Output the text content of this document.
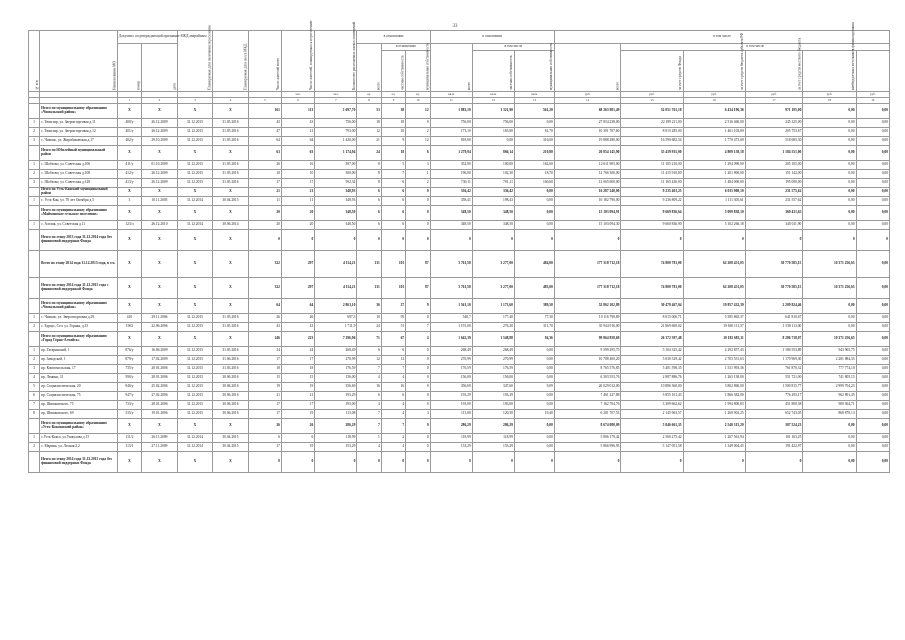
33
№ п/п	Наименование МО	Документ, подтверждающий признание МКД аварийным		Планируемая дата окончания переселения	Планируемая дата сноса МКД	Число жителей всего	Число жителей, планируемых к переселению	Количество расселяемых жилых помещений	в отношении			в отношении			в том числе					
		номер	дата						всего	в отношении		всего	в том числе		всего	в том числе				
										частная собственность	муниципальная собственность		частная собственность	муниципальная собственность		за счет средств Фонда	за счет средств бюджета субъекта РФ	за счет средств местного бюджета	внебюджетных источников финансирования	
							чел.	чел.	ед.	ед.	ед.	кв.м	кв.м	кв.м	руб.	руб.	руб.	руб.	руб.	руб.
		1	2	3	4	5	6	7	8	9	10	11	12	13	14	15	16	17	18	19
	Итого по муниципальному образованию «Чимальский район»	X	X	X	X	161	113	1 697,70	53	38	12	1 883,10	1 321,90	561,20	68 263 981,49	52 051 761,18	6 434 196,36	971 195,00	0,00	0,00
1	с. Тюнгзир, ул. Зверопторговая д.11	400/у	26.12.2009	31.12.2015	31.05.2016	43	43	756,00	18	18	0	756,00	756,00	0,00	27 834 238,00	22 189 211,00	2 516 460,00	245 125,00	0,00	0,00
2	с. Тюнгзир, ул. Зверопторговая д.12	401/у	26.12.2009	31.12.2015	31.05.2016	47	21	793,00	12	10	2	173,10	165,80	61,70	10 301 707,60	8 015 285,00	1 461 103,00	205 753,67	0,00	0,00
3	с. Чималь, ул. Жирабаковская д.17	402/у	29.10.2009	31.12.2015	31.05.2016	64	64	1 420,00	21	9	12	818,00	0,00	316,00	19 888 280,00	16 590 682,54	1 770 473,00	518 685,30	0,00	0,00
	Итого по Юбилейный муниципальный район	X	X	X	X	63	63	1 174,94	24	18	6	1 279,94	866,14	210,80	20 854 145,90	35 439 935,00	4 809 158,18	1 184 551,00	0,00	0,00
1	с. Шобзово, ул. Советская д.106	411/у	01.10.2009	31.12.2015	31.05.2016	26	16	397,00	8	5	3	352,90	100,00	162,60	12 611 905,00	11 105 210,00	1 294 090,00	205 105,00	0,00	0,00
2	с. Шобзово, ул. Советская д.108	412/у	26.12.2009	31.12.2015	31.05.2016	10	10	300,00	8	7	1	196,00	102,30	18,70	12 766 300,00	11 415 910,00	1 201 800,00	151 142,00	0,00	0,00
3	с. Шобзово, ул. Советская д.128	413/у	26.12.2009	31.12.2015	31.05.2016	17	17	592,34	8	6	2	730,11	701,11	160,60	12 065 600,00	11 165 430,00	1 484 000,00	195 000,00	0,00	0,00
	Итого по Усть-Канский муниципальный район	X	X	X	X	21	21	348,93	6	6	0	336,42	336,42	0,00	16 287 240,00	9 235 401,25	6 035 908,10	231 575,62	0,00	0,00
1	с. Усть-Кан, ул. 70 лет Октября д.5	3	10.11.2005	31.12.2014	30.04.2015	11	11	348,93	6	6	0	358,41	198,43	0,00	10 182 790,00	9 236 809,22	1 111 305,61	231 557,62	0,00	0,00
	Итого по муниципальному образованию «Майминское сельское поселение»	X	X	X	X	20	20	348,50	6	6	0	348,50	348,50	0,00	15 103 094,91	9 669 836,64	5 099 838,10	369 431,65	0,00	0,00
1	с. Алтаяк, ул. Советская д.11	123/л	26.12.2010	31.12.2014	30.06.2014	20	20	348,50	6	6	0	348,50	348,50	0,00	15 103 094,30	9 660 836,90	5 102 266,18	340 011,90	0,00	0,00
	Итого по этапу 2013 года 31.12.2014 года без финансовой поддержки Фонда	X	X	X	X	0	0	0	0	0	0	0	0	0	0	0	0	0	0	0
	Всего по этапу 2014 года 31.12.2015 года, в т.ч.	X	X	X	X	322	297	4 114,21	131	101	87	3 761,58	3 277,00	484,00	177 318 712,18	74 800 781,00	62 208 451,05	30 770 585,15	10 371 256,65	0,00
	Итого по этапу 2014 года 31.12.2015 года с финансовой поддержкой Фонда	X	X	X	X	322	297	4 114,21	131	101	87	3 761,58	3 277,00	483,00	177 318 712,18	74 800 781,00	62 208 451,05	30 770 585,15	10 371 256,65	0,00
	Итого по муниципальному образованию «Чимальский район»	X	X	X	X	64	64	2 863,10	36	27	9	1 561,10	1 173,60	389,50	52 862 102,89	30 478 467,04	19 857 432,39	2 209 824,46	0,00	0,00
1	с. Чималь, ул. Зверопторговая д.29	410	29.11.2006	31.12.2015	31.05.2016	26	26	697,3	10	95	0	540,7	177,40	77,30	10 116 790,89	8 015 000,71	5 585 865,37	641 810,67	0,00	0,00
2	с. Бураус, Сел. ул. Горная, д.35	1963	22.06.2006	31.12.2015	31.05.2016	43	43	1 711,9	24	51	7	1 191,00	276,20	311,70	35 944 916,00	21 869 669,02	19 630 111,57	1 538 113,00	0,00	0,00
	Итого по муниципальному образованию «Город Горно-Алтайск»	X	X	X	X	246	223	7 296,96	71	67	4	1 642,39	1 548,88	94,36	99 864 858,69	26 372 397,48	10 182 683,11	8 286 718,07	10 371 256,65	0,00
1	пр. Гагаринский, 1	876/у	16.06.2009	31.12.2015	31.05.2016	24	24	268,49	6	6	0	268,49	268,49	0,00	9 599 295,75	5 104 325,42	2 292 857,43	1 186 553,89	943 965,75	0,00
2	пр. Заводской, 1	879/у	17.02.2009	31.12.2015	31.06.2016	17	17	270,99	12	12	0	270,99	270,99	0,00	10 708 400,20	5 030 529,42	2 703 551,63	1 170 969,30	2 281 884,33	0,00
3	пр. Комсомольская, 17	735/у	20.01.2006	31.12.2015	31.03.2016	18	18	176,59	7	7	0	176,59	176,59	0,00	8 765 576,85	5 401 598,35	1 531 993,36	761 870,32	777 774,10	0,00
4	пр. Ленина, 31	590/у	28.01.2006	31.12.2015	30.06.2016	15	15	156,00	4	4	0	156,00	156,00	0,00	6 303 553,76	2 887 886,76	1 263 138,00	551 721,00	741 805,15	0,00
5	пр. Социалистическая, 20	946/у	25.02.2006	31.12.2015	30.06.2016	19	19	356,69	16	16	0	356,69	347,60	9,09	26 029 012,00	10 886 360,00	3 802 860,00	1 500 815,77	2 999 704,23	0,00
6	пр. Социалистическая, 75	947/у	27.02.2006	31.12.2015	30.06.2016	21	21	193,29	6	6	0	193,29	193,29	0,00	7 461 227,88	3 855 161,43	1 866 382,00	776 293,17	962 891,45	0,00
7	пр. Шишковского, 75	733/у	28.01.2006	31.12.2015	30.06.2016	17	17	193,00	4	4	0	193,00	193,00	0,00	7 162 704,76	3 309 662,62	1 994 800,83	451 800,38	900 364,71	0,00
8	пр. Шишковского, 69	535/у	19.01.2006	31.12.2015	30.06.2016	17	19	113,08	7	4	3	113,08	120,50	19,40	6 201 707,53	2 145 963,57	1 269 902,25	652 743,05	868 870,13	0,00
	Итого по муниципальному образованию «Усть-Коксинский район»	X	X	X	X	26	26	286,29	7	7	0	286,29	286,29	0,00	8 674 080,09	5 846 661,35	2 540 315,29	307 524,23	0,00	0,00
1	с.Усть-Кокса, ул.Ушкулова д.15	111/2	26.11.2009	31.12.2014	30.04.2015	6	6	118,99	1	2	0	118,99	118,99	0,00	5 806 179,42	2 560 275,42	1 207 561,94	101 163,25	0,00	0,00
2	с. Марина, ул. Лесная 2,2	113/1	27.11.2009	31.12.2014	30.04.2015	17	19	153,29	4	4	0	153,29	153,29	0,00	5 866 996,93	3 147 051,58	1 349 004,45	191 422,97	0,00	0,00
	Итого по этапу 2014 года 31.12.2015 года без финансовой поддержки Фонда	X	X	X	X	0	0	0	0	0	0	0	0	0	0	0	0	0	0,00	0,00
